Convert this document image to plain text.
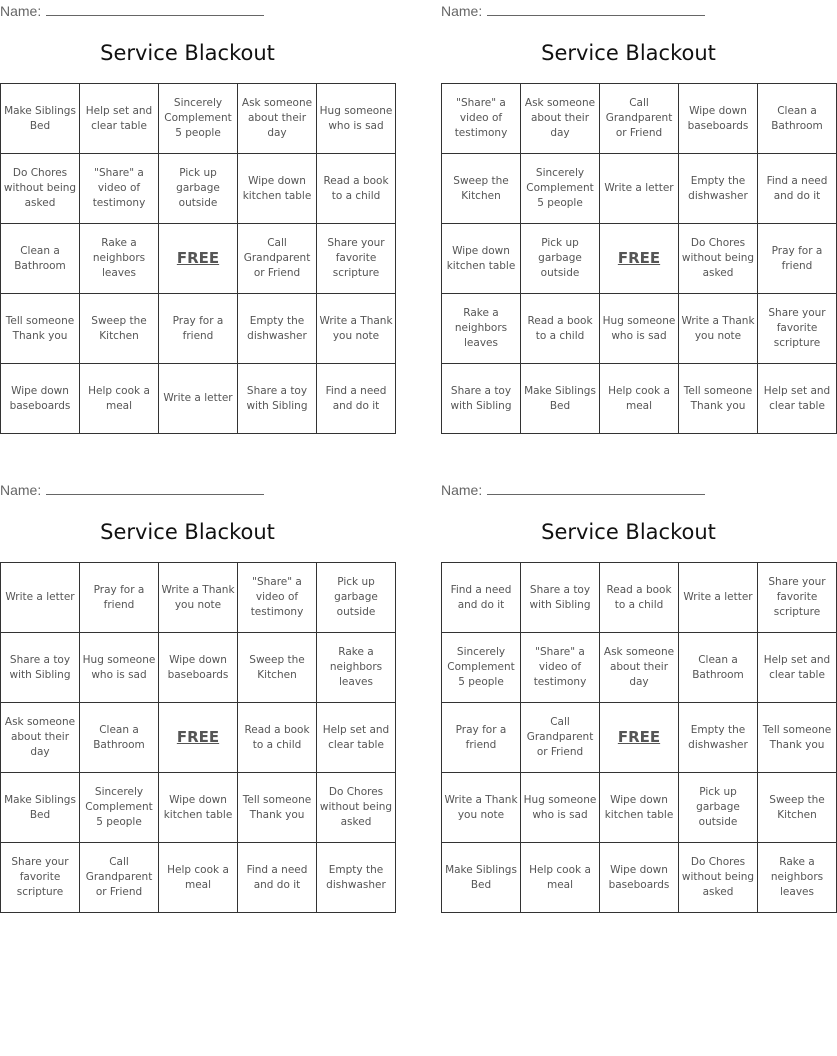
Name:
Service Blackout
Make Siblings Bed	Help set and clear table	Sincerely Complement 5 people	Ask someone about their day	Hug someone who is sad
Do Chores without being asked	"Share" a video of testimony	Pick up garbage outside	Wipe down kitchen table	Read a book to a child
Clean a Bathroom	Rake a neighbors leaves	FREE	Call Grandparent or Friend	Share your favorite scripture
Tell someone Thank you	Sweep the Kitchen	Pray for a friend	Empty the dishwasher	Write a Thank you note
Wipe down baseboards	Help cook a meal	Write a letter	Share a toy with Sibling	Find a need and do it
Name:
Service Blackout
"Share" a video of testimony	Ask someone about their day	Call Grandparent or Friend	Wipe down baseboards	Clean a Bathroom
Sweep the Kitchen	Sincerely Complement 5 people	Write a letter	Empty the dishwasher	Find a need and do it
Wipe down kitchen table	Pick up garbage outside	FREE	Do Chores without being asked	Pray for a friend
Rake a neighbors leaves	Read a book to a child	Hug someone who is sad	Write a Thank you note	Share your favorite scripture
Share a toy with Sibling	Make Siblings Bed	Help cook a meal	Tell someone Thank you	Help set and clear table
Name:
Service Blackout
Write a letter	Pray for a friend	Write a Thank you note	"Share" a video of testimony	Pick up garbage outside
Share a toy with Sibling	Hug someone who is sad	Wipe down baseboards	Sweep the Kitchen	Rake a neighbors leaves
Ask someone about their day	Clean a Bathroom	FREE	Read a book to a child	Help set and clear table
Make Siblings Bed	Sincerely Complement 5 people	Wipe down kitchen table	Tell someone Thank you	Do Chores without being asked
Share your favorite scripture	Call Grandparent or Friend	Help cook a meal	Find a need and do it	Empty the dishwasher
Name:
Service Blackout
Find a need and do it	Share a toy with Sibling	Read a book to a child	Write a letter	Share your favorite scripture
Sincerely Complement 5 people	"Share" a video of testimony	Ask someone about their day	Clean a Bathroom	Help set and clear table
Pray for a friend	Call Grandparent or Friend	FREE	Empty the dishwasher	Tell someone Thank you
Write a Thank you note	Hug someone who is sad	Wipe down kitchen table	Pick up garbage outside	Sweep the Kitchen
Make Siblings Bed	Help cook a meal	Wipe down baseboards	Do Chores without being asked	Rake a neighbors leaves
